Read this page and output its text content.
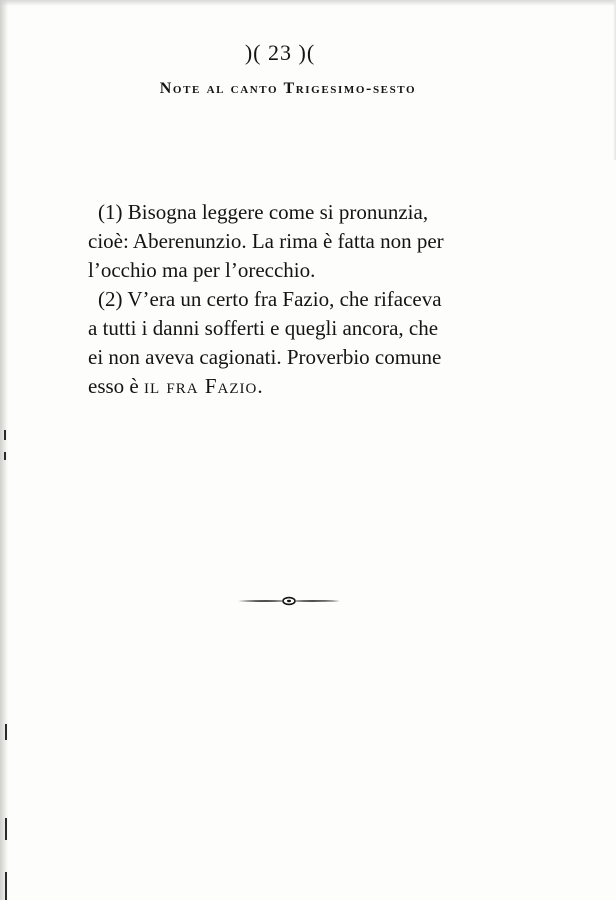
)( 23 )(
Note al canto Trigesimo-sesto

(1) Bisogna leggere come si pronunzia,
cioè: Aberenunzio. La rima è fatta non per
l’occhio ma per l’orecchio.

(2) V’era un certo fra Fazio, che rifaceva
a tutti i danni sofferti e quegli ancora, che
ei non aveva cagionati. Proverbio comune
esso è il fra Fazio.
